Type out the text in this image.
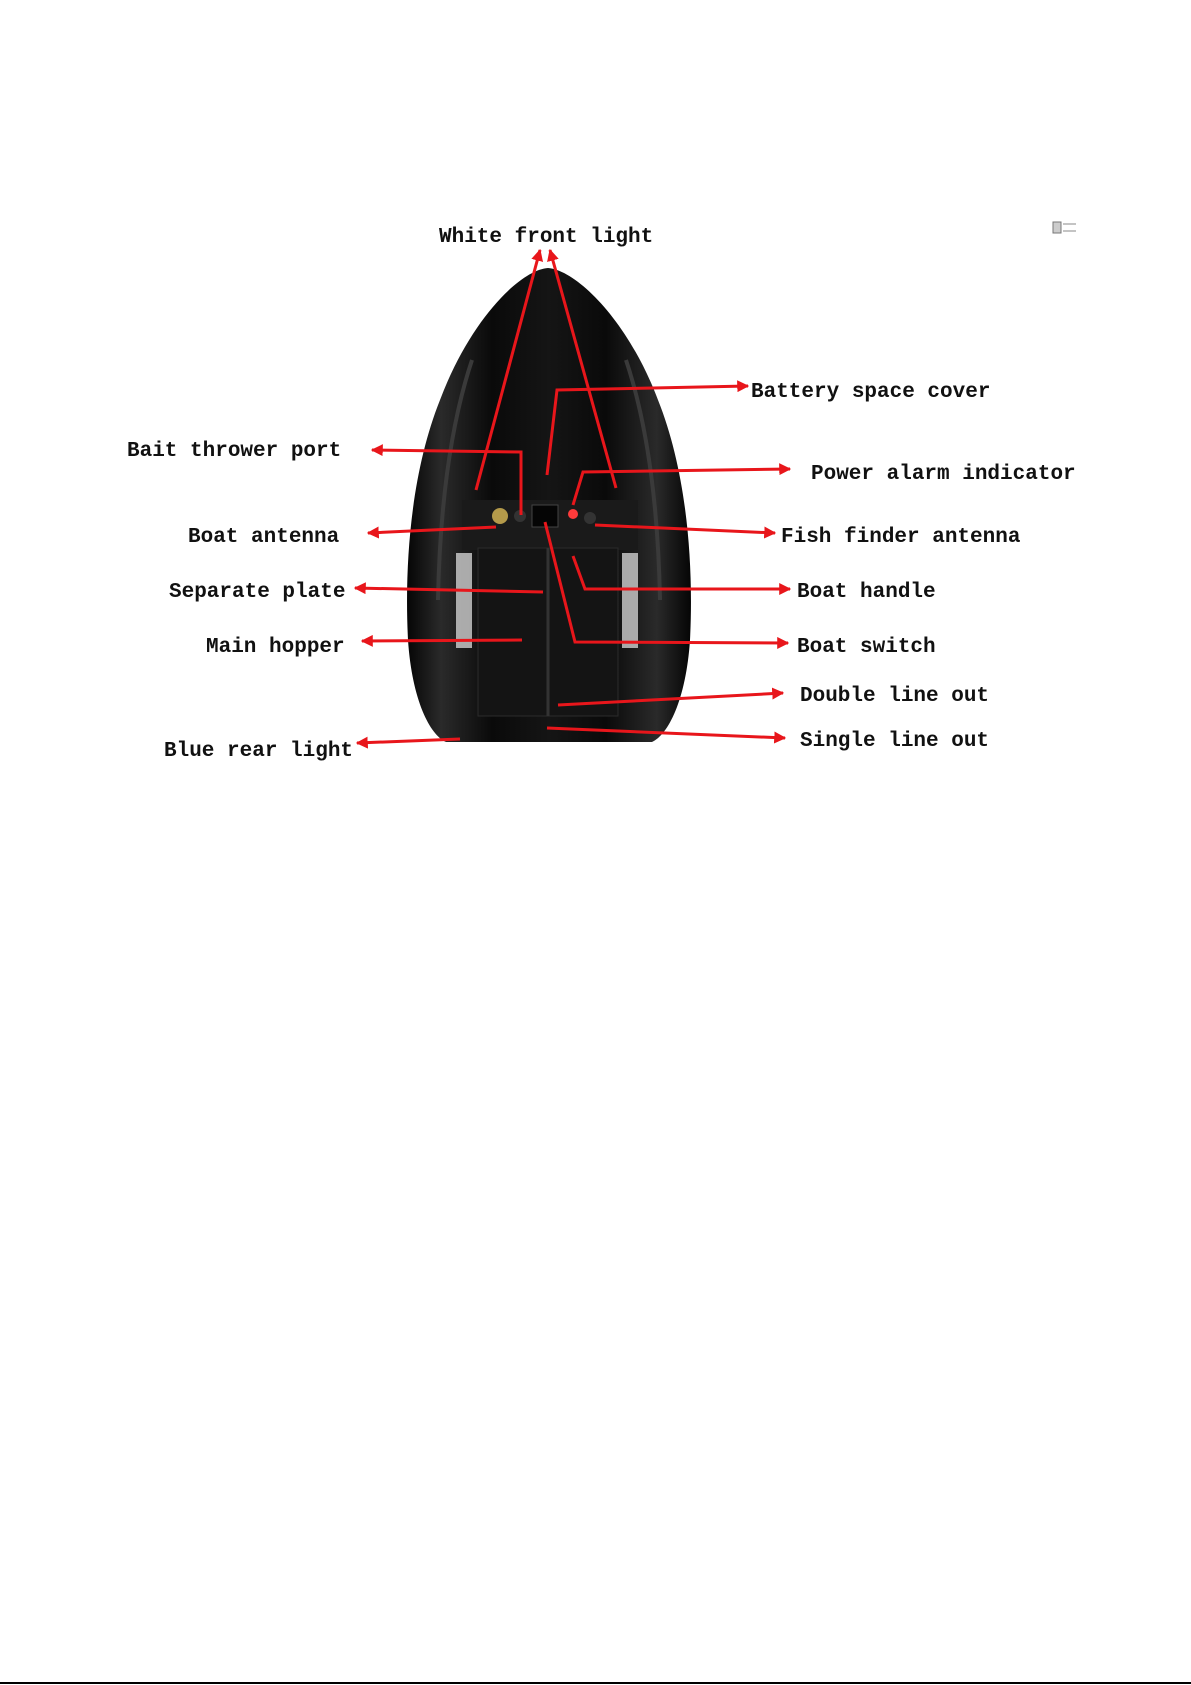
White front light
Battery space cover
Bait thrower port
Power alarm indicator
Boat antenna	Fish finder antenna
Separate plate	Boat handle
Main hopper	Boat switch
Double line out
Blue rear light	Single line out
